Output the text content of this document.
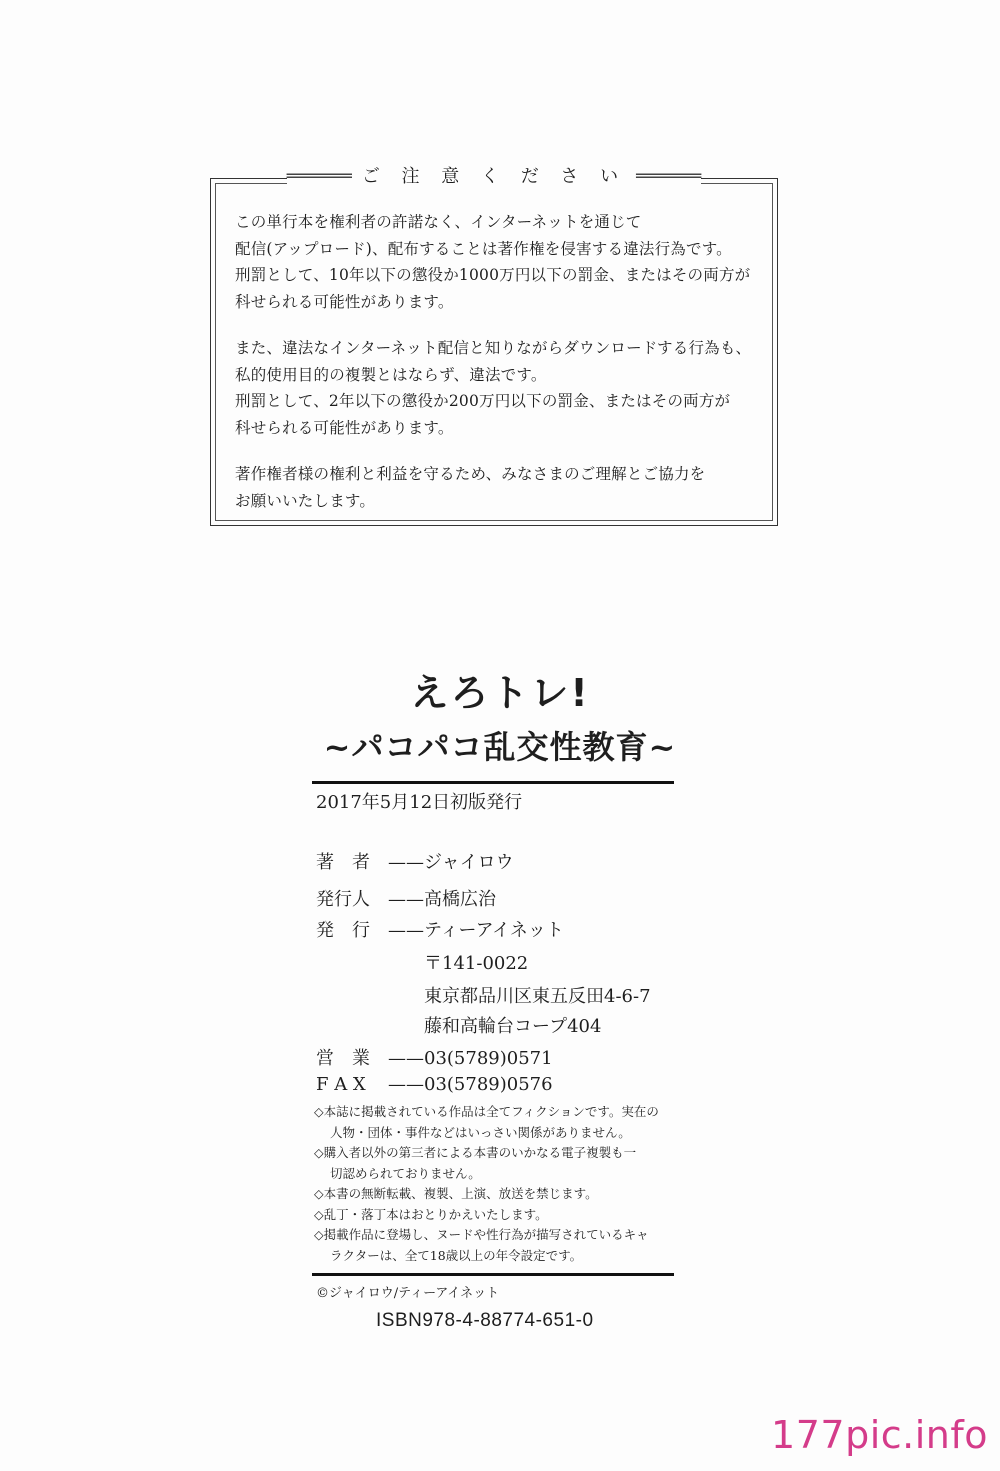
══════ ご 注 意 く だ さ い ══════

この単行本を権利者の許諾なく、インターネットを通じて
配信(アップロード)、配布することは著作権を侵害する違法行為です。
刑罰として、10年以下の懲役か1000万円以下の罰金、またはその両方が
科せられる可能性があります。

また、違法なインターネット配信と知りながらダウンロードする行為も、
私的使用目的の複製とはならず、違法です。
刑罰として、2年以下の懲役か200万円以下の罰金、またはその両方が
科せられる可能性があります。

著作権者様の権利と利益を守るため、みなさまのご理解とご協力を
お願いいたします。

えろトレ!
~パコパコ乱交性教育~
2017年5月12日初版発行
著　者 ——ジャイロウ
発行人 ——高橋広治
発　行 ——ティーアイネット
〒141-0022
東京都品川区東五反田4-6-7
藤和高輪台コープ404
営　業 ——03(5789)0571
F A X ——03(5789)0576
◇本誌に掲載されている作品は全てフィクションです。実在の
人物・団体・事件などはいっさい関係がありません。
◇購入者以外の第三者による本書のいかなる電子複製も一
切認められておりません。
◇本書の無断転載、複製、上演、放送を禁じます。
◇乱丁・落丁本はおとりかえいたします。
◇掲載作品に登場し、ヌードや性行為が描写されているキャ
ラクターは、全て18歳以上の年令設定です。
©ジャイロウ/ティーアイネット
ISBN978-4-88774-651-0
177pic.info
